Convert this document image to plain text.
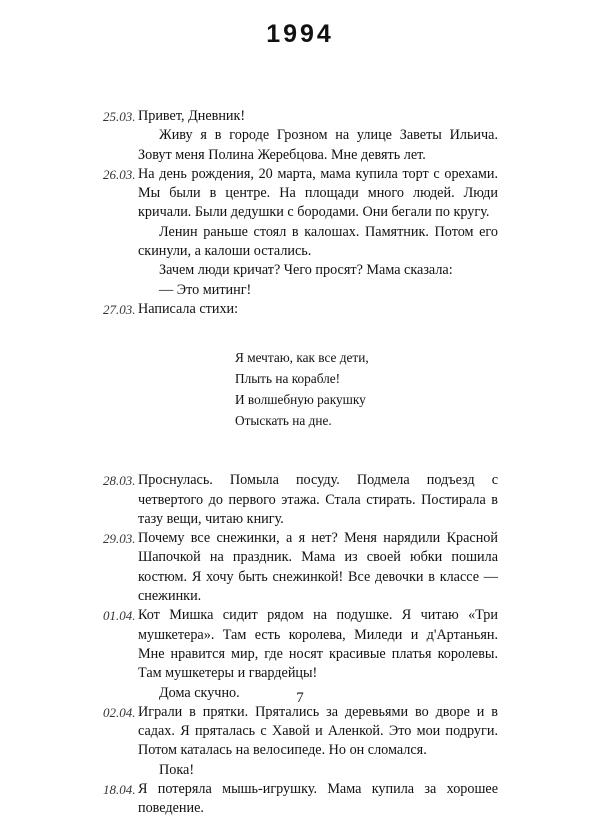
1994
25.03. Привет, Дневник!
Живу я в городе Грозном на улице Заветы Ильича. Зовут меня Полина Жеребцова. Мне девять лет.
26.03. На день рождения, 20 марта, мама купила торт с орехами. Мы были в центре. На площади много людей. Люди кричали. Были дедушки с бородами. Они бегали по кругу.
Ленин раньше стоял в калошах. Памятник. Потом его скинули, а калоши остались.
Зачем люди кричат? Чего просят? Мама сказала:
— Это митинг!
27.03. Написала стихи:
Я мечтаю, как все дети,
Плыть на корабле!
И волшебную ракушку
Отыскать на дне.
28.03. Проснулась. Помыла посуду. Подмела подъезд с четвертого до первого этажа. Стала стирать. Постирала в тазу вещи, читаю книгу.
29.03. Почему все снежинки, а я нет? Меня нарядили Красной Шапочкой на праздник. Мама из своей юбки пошила костюм. Я хочу быть снежинкой! Все девочки в классе — снежинки.
01.04. Кот Мишка сидит рядом на подушке. Я читаю «Три мушкетера». Там есть королева, Миледи и д'Артаньян. Мне нравится мир, где носят красивые платья королевы. Там мушкетеры и гвардейцы!
Дома скучно.
02.04. Играли в прятки. Прятались за деревьями во дворе и в садах. Я пряталась с Хавой и Аленкой. Это мои подруги. Потом каталась на велосипеде. Но он сломался.
Пока!
18.04. Я потеряла мышь-игрушку. Мама купила за хорошее поведение.
7
